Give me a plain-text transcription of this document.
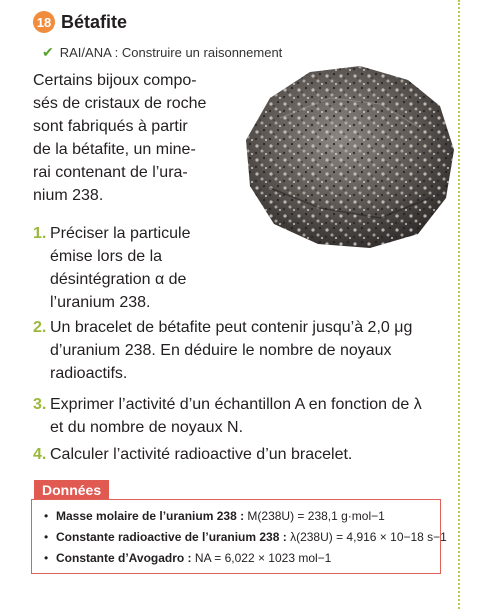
18 Bétafite
✔ RAI/ANA : Construire un raisonnement
Certains bijoux compo-
sés de cristaux de roche
sont fabriqués à partir
de la bétafite, un mine-
rai contenant de l’ura-
nium 238.
1. Préciser la particule
émise lors de la
désintégration α de
l’uranium 238.
2. Un bracelet de bétafite peut contenir jusqu’à 2,0 μg
d’uranium 238. En déduire le nombre de noyaux
radioactifs.
3. Exprimer l’activité d’un échantillon A en fonction de λ
et du nombre de noyaux N.
4. Calculer l’activité radioactive d’un bracelet.
Données
• Masse molaire de l’uranium 238 : M(238U) = 238,1 g·mol−1
• Constante radioactive de l’uranium 238 : λ(238U) = 4,916 × 10−18 s−1
• Constante d’Avogadro : NA = 6,022 × 1023 mol−1
